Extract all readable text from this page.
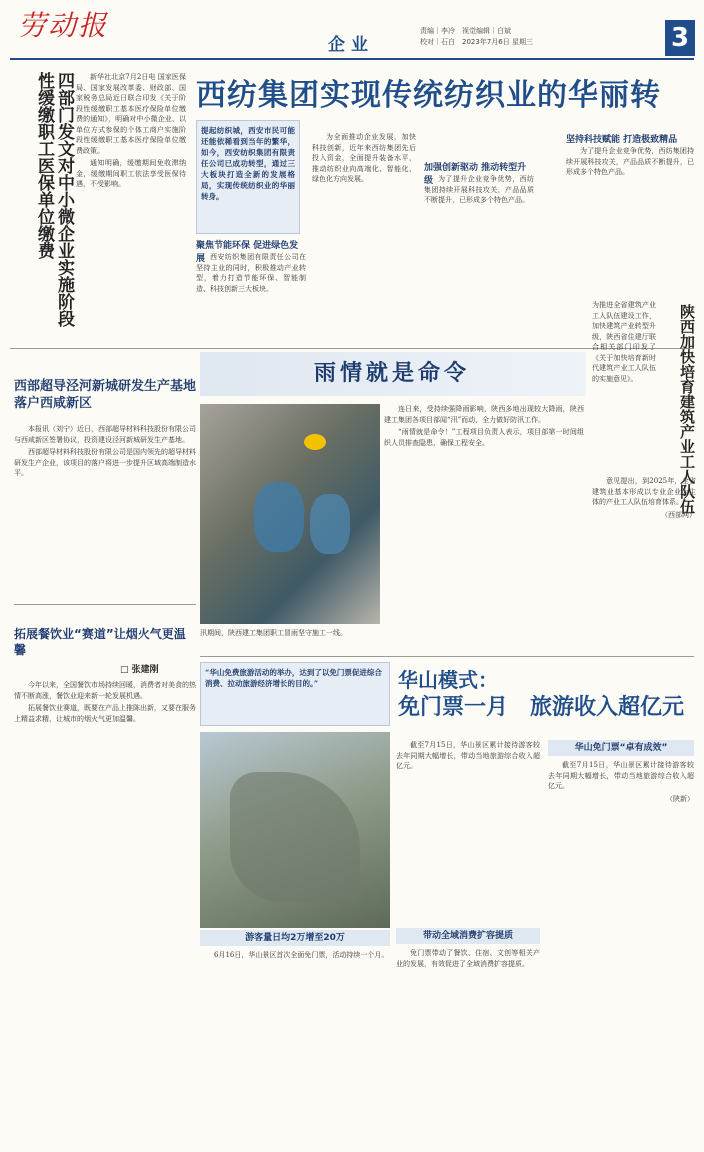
劳动报
企业
责编｜李冷　视觉编辑｜白斌
校对｜石白　2023年7月6日 星期三	3
西纺集团实现传统纺织业的华丽转
四部门发文对中小微企业实施阶段性缓缴职工医保单位缴费	新华社北京7月2日电 国家医保局、国家发展改革委、财政部、国家税务总局近日联合印发《关于阶段性缓缴职工基本医疗保险单位缴费的通知》，明确对中小微企业、以单位方式参保的个体工商户实施阶段性缓缴职工基本医疗保险单位缴费政策。

通知明确，缓缴期间免收滞纳金，缓缴期间职工依法享受医保待遇，不受影响。

提起纺织城，西安市民可能还能依稀看到当年的繁华，如今，西安纺织集团有限责任公司已成功转型，通过三大板块打造全新的发展格局，实现传统纺织业的华丽转身。
聚焦节能环保 促进绿色发展 西安纺织集团有限责任公司在坚持主业的同时，积极推动产业转型，着力打造节能环保、智能制造、科技创新三大板块。

为全面推动企业发展，加快科技创新，近年来西纺集团先后投入资金，全面提升装备水平，推动纺织业向高端化、智能化、绿色化方向发展。

加强创新驱动 推动转型升级 为了提升企业竞争优势，西纺集团持续开展科技攻关，产品品质不断提升，已形成多个特色产品。

坚持科技赋能 打造极致精品

为了提升企业竞争优势，西纺集团持续开展科技攻关，产品品质不断提升，已形成多个特色产品。

西部超导泾河新城研发生产基地落户西咸新区

本报讯（刘宁）近日，西部超导材料科技股份有限公司与西咸新区签署协议，投资建设泾河新城研发生产基地。

西部超导材料科技股份有限公司是国内领先的超导材料研发生产企业，该项目的落户将进一步提升区域高端制造水平。

拓展餐饮业“赛道”让烟火气更温馨
□ 张建刚

今年以来，全国餐饮市场持续回暖，消费者对美食的热情不断高涨，餐饮业迎来新一轮发展机遇。

拓展餐饮业赛道，既要在产品上推陈出新，又要在服务上精益求精，让城市的烟火气更加温馨。

雨情就是命令
汛期间，陕西建工集团职工冒雨坚守施工一线。

连日来，受持续强降雨影响，陕西多地出现较大降雨，陕西建工集团各项目部闻“汛”而动，全力做好防汛工作。

“雨情就是命令！”工程项目负责人表示，项目部第一时间组织人员排查隐患，确保工程安全。	陕西加快培育建筑产业工人队伍
为推进全省建筑产业工人队伍建设工作，加快建筑产业转型升级，陕西省住建厅联合相关部门印发了《关于加快培育新时代建筑产业工人队伍的实施意见》。

意见提出，到2025年，全省建筑业基本形成以专业企业为主体的产业工人队伍培育体系。

（西部网）

华山模式：
免门票一月　旅游收入超亿元
“华山免费旅游活动的举办，达到了以免门票促进综合消费、拉动旅游经济增长的目的。”
游客量日均2万增至20万

6月16日，华山景区首次全面免门票，活动持续一个月。

截至7月15日，华山景区累计接待游客较去年同期大幅增长，带动当地旅游综合收入超亿元。

带动全域消费扩容提质

免门票带动了餐饮、住宿、文创等相关产业的发展，有效促进了全域消费扩容提质。

华山免门票“卓有成效”

截至7月15日，华山景区累计接待游客较去年同期大幅增长，带动当地旅游综合收入超亿元。

（陕新）
